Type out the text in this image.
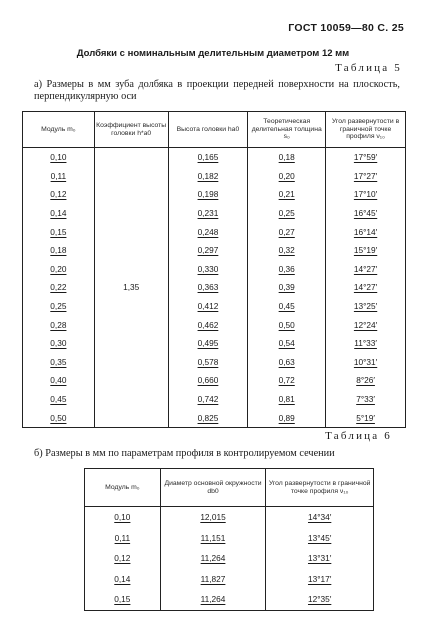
ГОСТ 10059—80 С. 25
Долбяки с номинальным делительным диаметром 12 мм
Таблица 5
а) Размеры в мм зуба долбяка в проекции передней поверхности на плоскость, перпендикулярную оси
Модуль m₀	Коэффициент высоты головки h*a0	Высота головки ha0	Теоретическая делительная толщина s₀	Угол развернутости в граничной точке профиля ν₁₀
0,10	1,35	0,165	0,18	17°59′
0,11		0,182	0,20	17°27′
0,12		0,198	0,21	17°10′
0,14		0,231	0,25	16°45′
0,15		0,248	0,27	16°14′
0,18		0,297	0,32	15°19′
0,20		0,330	0,36	14°27′
0,22		0,363	0,39	14°27′
0,25		0,412	0,45	13°25′
0,28		0,462	0,50	12°24′
0,30		0,495	0,54	11°33′
0,35		0,578	0,63	10°31′
0,40		0,660	0,72	8°26′
0,45		0,742	0,81	7°33′
0,50		0,825	0,89	5°19′
Таблица 6
б) Размеры в мм по параметрам профиля в контролируемом сечении
Модуль m₀	Диаметр основной окружности db0	Угол развернутости в граничной точке профиля ν₁₀
0,10	12,015	14°34′
0,11	11,151	13°45′
0,12	11,264	13°31′
0,14	11,827	13°17′
0,15	11,264	12°35′
